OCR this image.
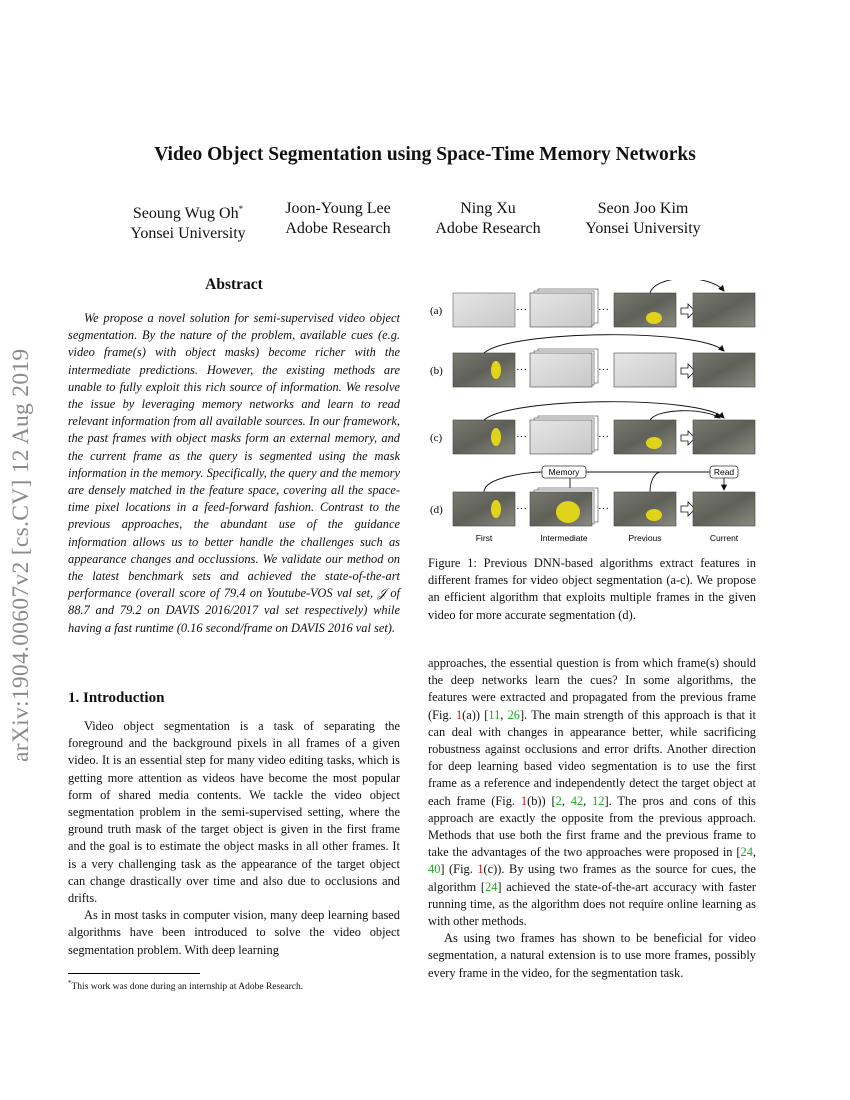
arXiv:1904.00607v2 [cs.CV] 12 Aug 2019
Video Object Segmentation using Space-Time Memory Networks
Seoung Wug Oh*
Yonsei University
Joon-Young Lee
Adobe Research
Ning Xu
Adobe Research
Seon Joo Kim
Yonsei University
Abstract

We propose a novel solution for semi-supervised video object segmentation. By the nature of the problem, available cues (e.g. video frame(s) with object masks) become richer with the intermediate predictions. However, the existing methods are unable to fully exploit this rich source of information. We resolve the issue by leveraging memory networks and learn to read relevant information from all available sources. In our framework, the past frames with object masks form an external memory, and the current frame as the query is segmented using the mask information in the memory. Specifically, the query and the memory are densely matched in the feature space, covering all the space-time pixel locations in a feed-forward fashion. Contrast to the previous approaches, the abundant use of the guidance information allows us to better handle the challenges such as appearance changes and occlussions. We validate our method on the latest benchmark sets and achieved the state-of-the-art performance (overall score of 79.4 on Youtube-VOS val set, 𝒥 of 88.7 and 79.2 on DAVIS 2016/2017 val set respectively) while having a fast runtime (0.16 second/frame on DAVIS 2016 val set).

1. Introduction

Video object segmentation is a task of separating the foreground and the background pixels in all frames of a given video. It is an essential step for many video editing tasks, which is getting more attention as videos have become the most popular form of shared media contents. We tackle the video object segmentation problem in the semi-supervised setting, where the ground truth mask of the target object is given in the first frame and the goal is to estimate the object masks in all other frames. It is a very challenging task as the appearance of the target object can change drastically over time and also due to occlusions and drifts.

As in most tasks in computer vision, many deep learning based algorithms have been introduced to solve the video object segmentation problem. With deep learning

*This work was done during an internship at Adobe Research.
(a)
(b)
(c)
(d)
···	···
···	···
···	···
Memory	Read
···	···
First	Intermediate	Previous	Current
Figure 1: Previous DNN-based algorithms extract features in different frames for video object segmentation (a-c). We propose an efficient algorithm that exploits multiple frames in the given video for more accurate segmentation (d).

approaches, the essential question is from which frame(s) should the deep networks learn the cues? In some algorithms, the features were extracted and propagated from the previous frame (Fig. 1(a)) [11, 26]. The main strength of this approach is that it can deal with changes in appearance better, while sacrificing robustness against occlusions and error drifts. Another direction for deep learning based video segmentation is to use the first frame as a reference and independently detect the target object at each frame (Fig. 1(b)) [2, 42, 12]. The pros and cons of this approach are exactly the opposite from the previous approach. Methods that use both the first frame and the previous frame to take the advantages of the two approaches were proposed in [24, 40] (Fig. 1(c)). By using two frames as the source for cues, the algorithm [24] achieved the state-of-the-art accuracy with faster running time, as the algorithm does not require online learning as with other methods.

As using two frames has shown to be beneficial for video segmentation, a natural extension is to use more frames, possibly every frame in the video, for the segmentation task.
